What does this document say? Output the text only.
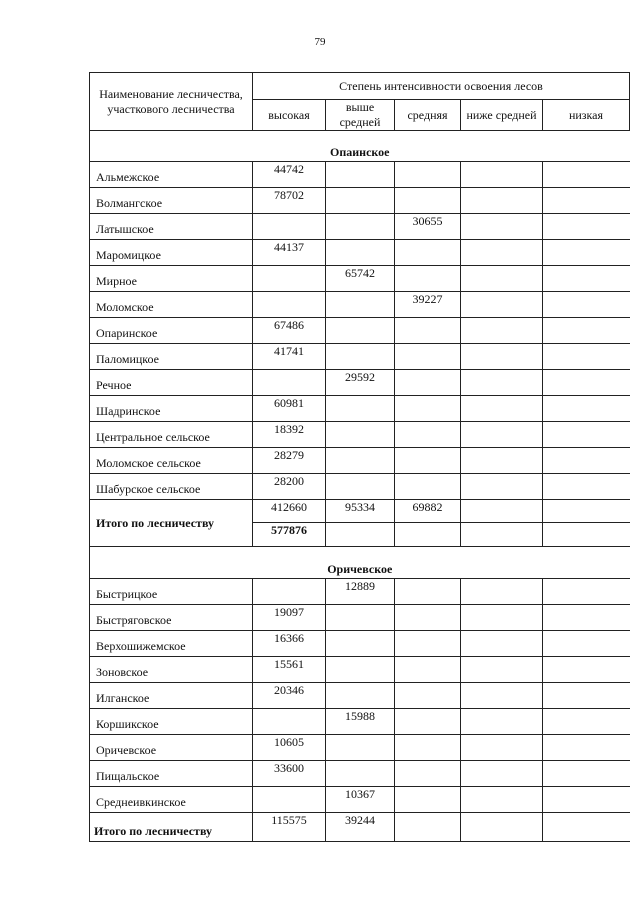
79
Наименование лесничества, участкового лесничества	Степень интенсивности освоения лесов				
	высокая	выше средней	средняя	ниже средней	низкая
Опаинское					
Альмежское	44742				
Волмангское	78702				
Латышское			30655		
Маромицкое	44137				
Мирное		65742			
Моломское			39227		
Опаринское	67486				
Паломицкое	41741				
Речное		29592			
Шадринское	60981				
Центральное сельское	18392				
Моломское сельское	28279				
Шабурское сельское	28200				
Итого по лесничеству	412660	95334	69882		
	577876				

Оричевское					
Быстрицкое		12889			
Быстряговское	19097				
Верхошижемское	16366				
Зоновское	15561				
Илганское	20346				
Коршикское		15988			
Оричевское	10605				
Пищальское	33600				
Среднеивкинское		10367			
Итого по лесничеству	115575	39244			
